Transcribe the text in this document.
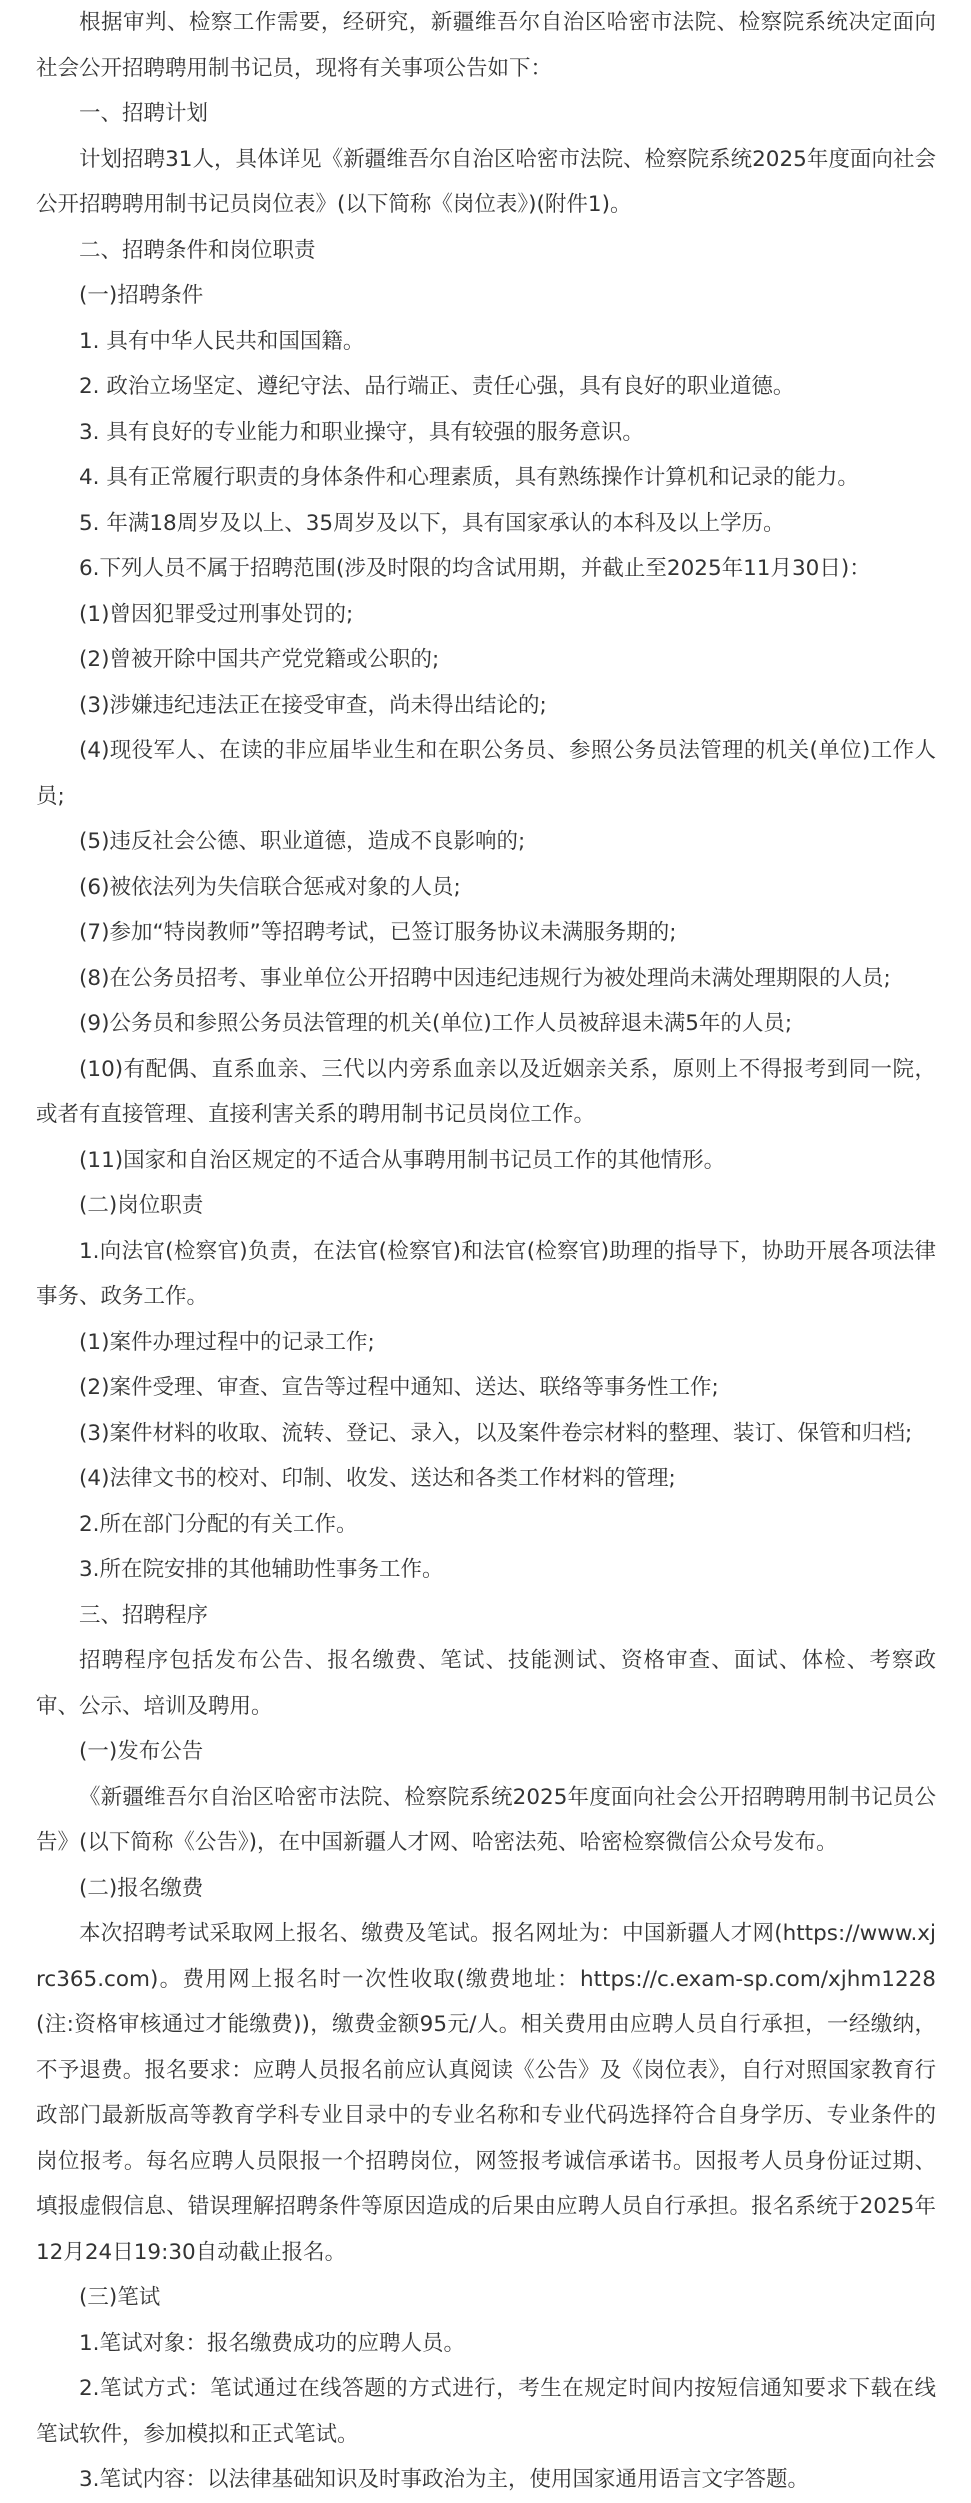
根据审判、检察工作需要，经研究，新疆维吾尔自治区哈密市法院、检察院系统决定面向社会公开招聘聘用制书记员，现将有关事项公告如下：

一、招聘计划

计划招聘31人，具体详见《新疆维吾尔自治区哈密市法院、检察院系统2025年度面向社会公开招聘聘用制书记员岗位表》(以下简称《岗位表》)(附件1)。

二、招聘条件和岗位职责

(一)招聘条件

1. 具有中华人民共和国国籍。

2. 政治立场坚定、遵纪守法、品行端正、责任心强，具有良好的职业道德。

3. 具有良好的专业能力和职业操守，具有较强的服务意识。

4. 具有正常履行职责的身体条件和心理素质，具有熟练操作计算机和记录的能力。

5. 年满18周岁及以上、35周岁及以下，具有国家承认的本科及以上学历。

6.下列人员不属于招聘范围(涉及时限的均含试用期，并截止至2025年11月30日)：

(1)曾因犯罪受过刑事处罚的;

(2)曾被开除中国共产党党籍或公职的;

(3)涉嫌违纪违法正在接受审查，尚未得出结论的;

(4)现役军人、在读的非应届毕业生和在职公务员、参照公务员法管理的机关(单位)工作人员;

(5)违反社会公德、职业道德，造成不良影响的;

(6)被依法列为失信联合惩戒对象的人员;

(7)参加“特岗教师”等招聘考试，已签订服务协议未满服务期的;

(8)在公务员招考、事业单位公开招聘中因违纪违规行为被处理尚未满处理期限的人员;

(9)公务员和参照公务员法管理的机关(单位)工作人员被辞退未满5年的人员;

(10)有配偶、直系血亲、三代以内旁系血亲以及近姻亲关系，原则上不得报考到同一院，或者有直接管理、直接利害关系的聘用制书记员岗位工作。

(11)国家和自治区规定的不适合从事聘用制书记员工作的其他情形。

(二)岗位职责

1.向法官(检察官)负责，在法官(检察官)和法官(检察官)助理的指导下，协助开展各项法律事务、政务工作。

(1)案件办理过程中的记录工作;

(2)案件受理、审查、宣告等过程中通知、送达、联络等事务性工作;

(3)案件材料的收取、流转、登记、录入，以及案件卷宗材料的整理、装订、保管和归档;

(4)法律文书的校对、印制、收发、送达和各类工作材料的管理;

2.所在部门分配的有关工作。

3.所在院安排的其他辅助性事务工作。

三、招聘程序

招聘程序包括发布公告、报名缴费、笔试、技能测试、资格审查、面试、体检、考察政审、公示、培训及聘用。

(一)发布公告

《新疆维吾尔自治区哈密市法院、检察院系统2025年度面向社会公开招聘聘用制书记员公告》(以下简称《公告》)，在中国新疆人才网、哈密法苑、哈密检察微信公众号发布。

(二)报名缴费

本次招聘考试采取网上报名、缴费及笔试。报名网址为：中国新疆人才网(https://www.xjrc365.com)。费用网上报名时一次性收取(缴费地址：https://c.exam-sp.com/xjhm1228(注:资格审核通过才能缴费))，缴费金额95元/人。相关费用由应聘人员自行承担，一经缴纳，不予退费。报名要求：应聘人员报名前应认真阅读《公告》及《岗位表》，自行对照国家教育行政部门最新版高等教育学科专业目录中的专业名称和专业代码选择符合自身学历、专业条件的岗位报考。每名应聘人员限报一个招聘岗位，网签报考诚信承诺书。因报考人员身份证过期、填报虚假信息、错误理解招聘条件等原因造成的后果由应聘人员自行承担。报名系统于2025年12月24日19:30自动截止报名。

(三)笔试

1.笔试对象：报名缴费成功的应聘人员。

2.笔试方式：笔试通过在线答题的方式进行，考生在规定时间内按短信通知要求下载在线笔试软件，参加模拟和正式笔试。

3.笔试内容：以法律基础知识及时事政治为主，使用国家通用语言文字答题。
